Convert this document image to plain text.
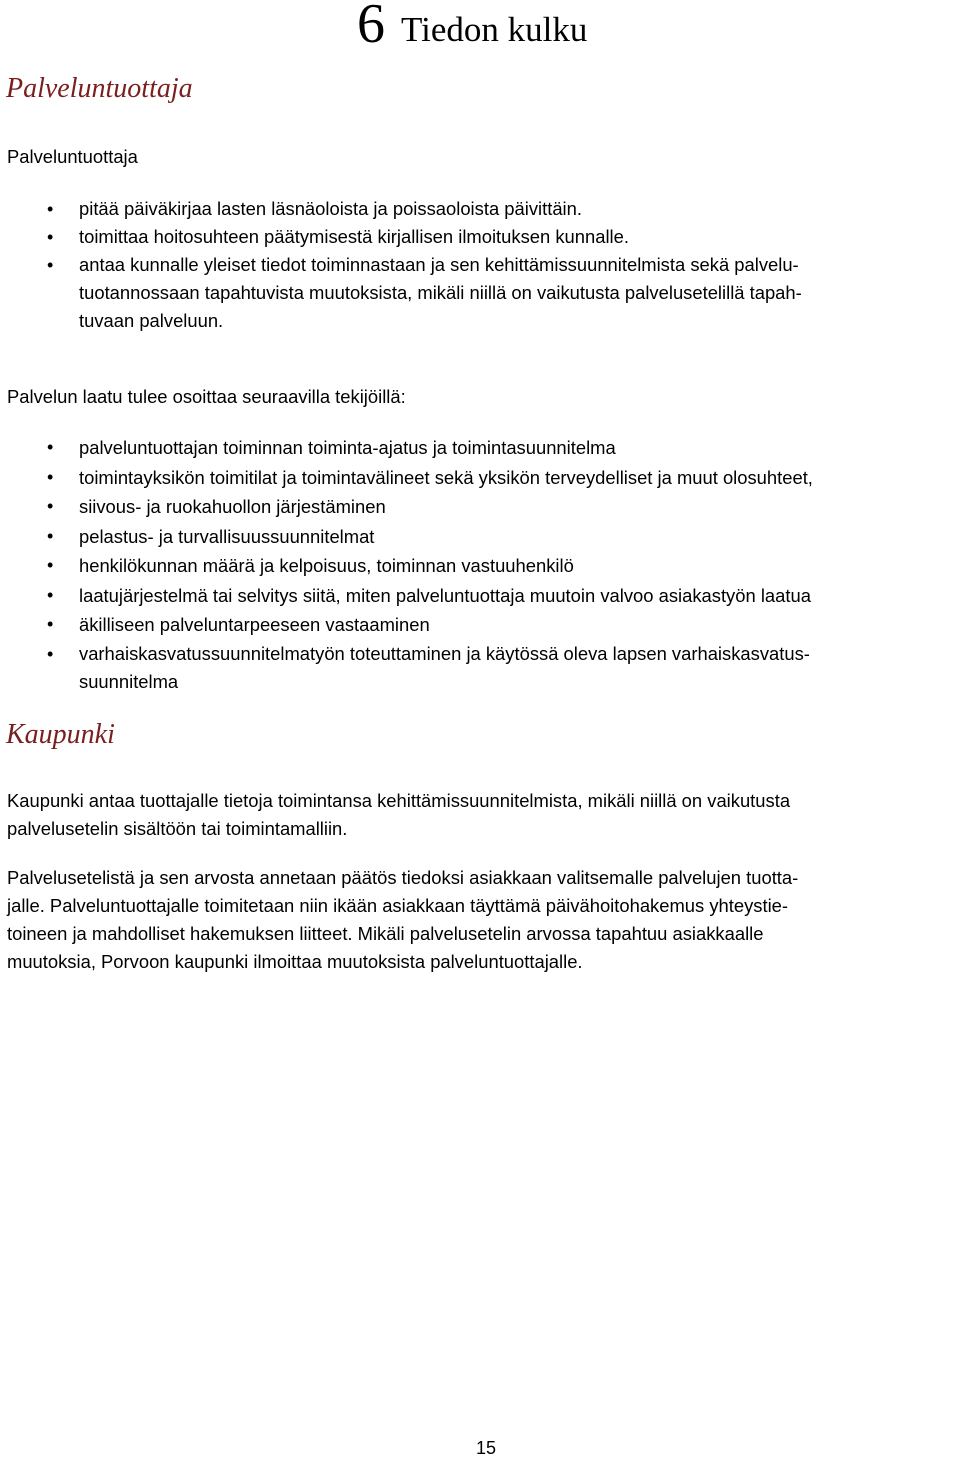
6 Tiedon kulku
Palveluntuottaja
Palveluntuottaja
• pitää päiväkirjaa lasten läsnäoloista ja poissaoloista päivittäin.
• toimittaa hoitosuhteen päätymisestä kirjallisen ilmoituksen kunnalle.
• antaa kunnalle yleiset tiedot toiminnastaan ja sen kehittämissuunnitelmista sekä palvelu-
tuotannossaan tapahtuvista muutoksista, mikäli niillä on vaikutusta palvelusetelillä tapah-
tuvaan palveluun.
Palvelun laatu tulee osoittaa seuraavilla tekijöillä:
• palveluntuottajan toiminnan toiminta-ajatus ja toimintasuunnitelma
• toimintayksikön toimitilat ja toimintavälineet sekä yksikön terveydelliset ja muut olosuhteet,
• siivous- ja ruokahuollon järjestäminen
• pelastus- ja turvallisuussuunnitelmat
• henkilökunnan määrä ja kelpoisuus, toiminnan vastuuhenkilö
• laatujärjestelmä tai selvitys siitä, miten palveluntuottaja muutoin valvoo asiakastyön laatua
• äkilliseen palveluntarpeeseen vastaaminen
• varhaiskasvatussuunnitelmatyön toteuttaminen ja käytössä oleva lapsen varhaiskasvatus-
suunnitelma
Kaupunki
Kaupunki antaa tuottajalle tietoja toimintansa kehittämissuunnitelmista, mikäli niillä on vaikutusta
palvelusetelin sisältöön tai toimintamalliin.
Palvelusetelistä ja sen arvosta annetaan päätös tiedoksi asiakkaan valitsemalle palvelujen tuotta-
jalle. Palveluntuottajalle toimitetaan niin ikään asiakkaan täyttämä päivähoitohakemus yhteystie-
toineen ja mahdolliset hakemuksen liitteet. Mikäli palvelusetelin arvossa tapahtuu asiakkaalle
muutoksia, Porvoon kaupunki ilmoittaa muutoksista palveluntuottajalle.
15
